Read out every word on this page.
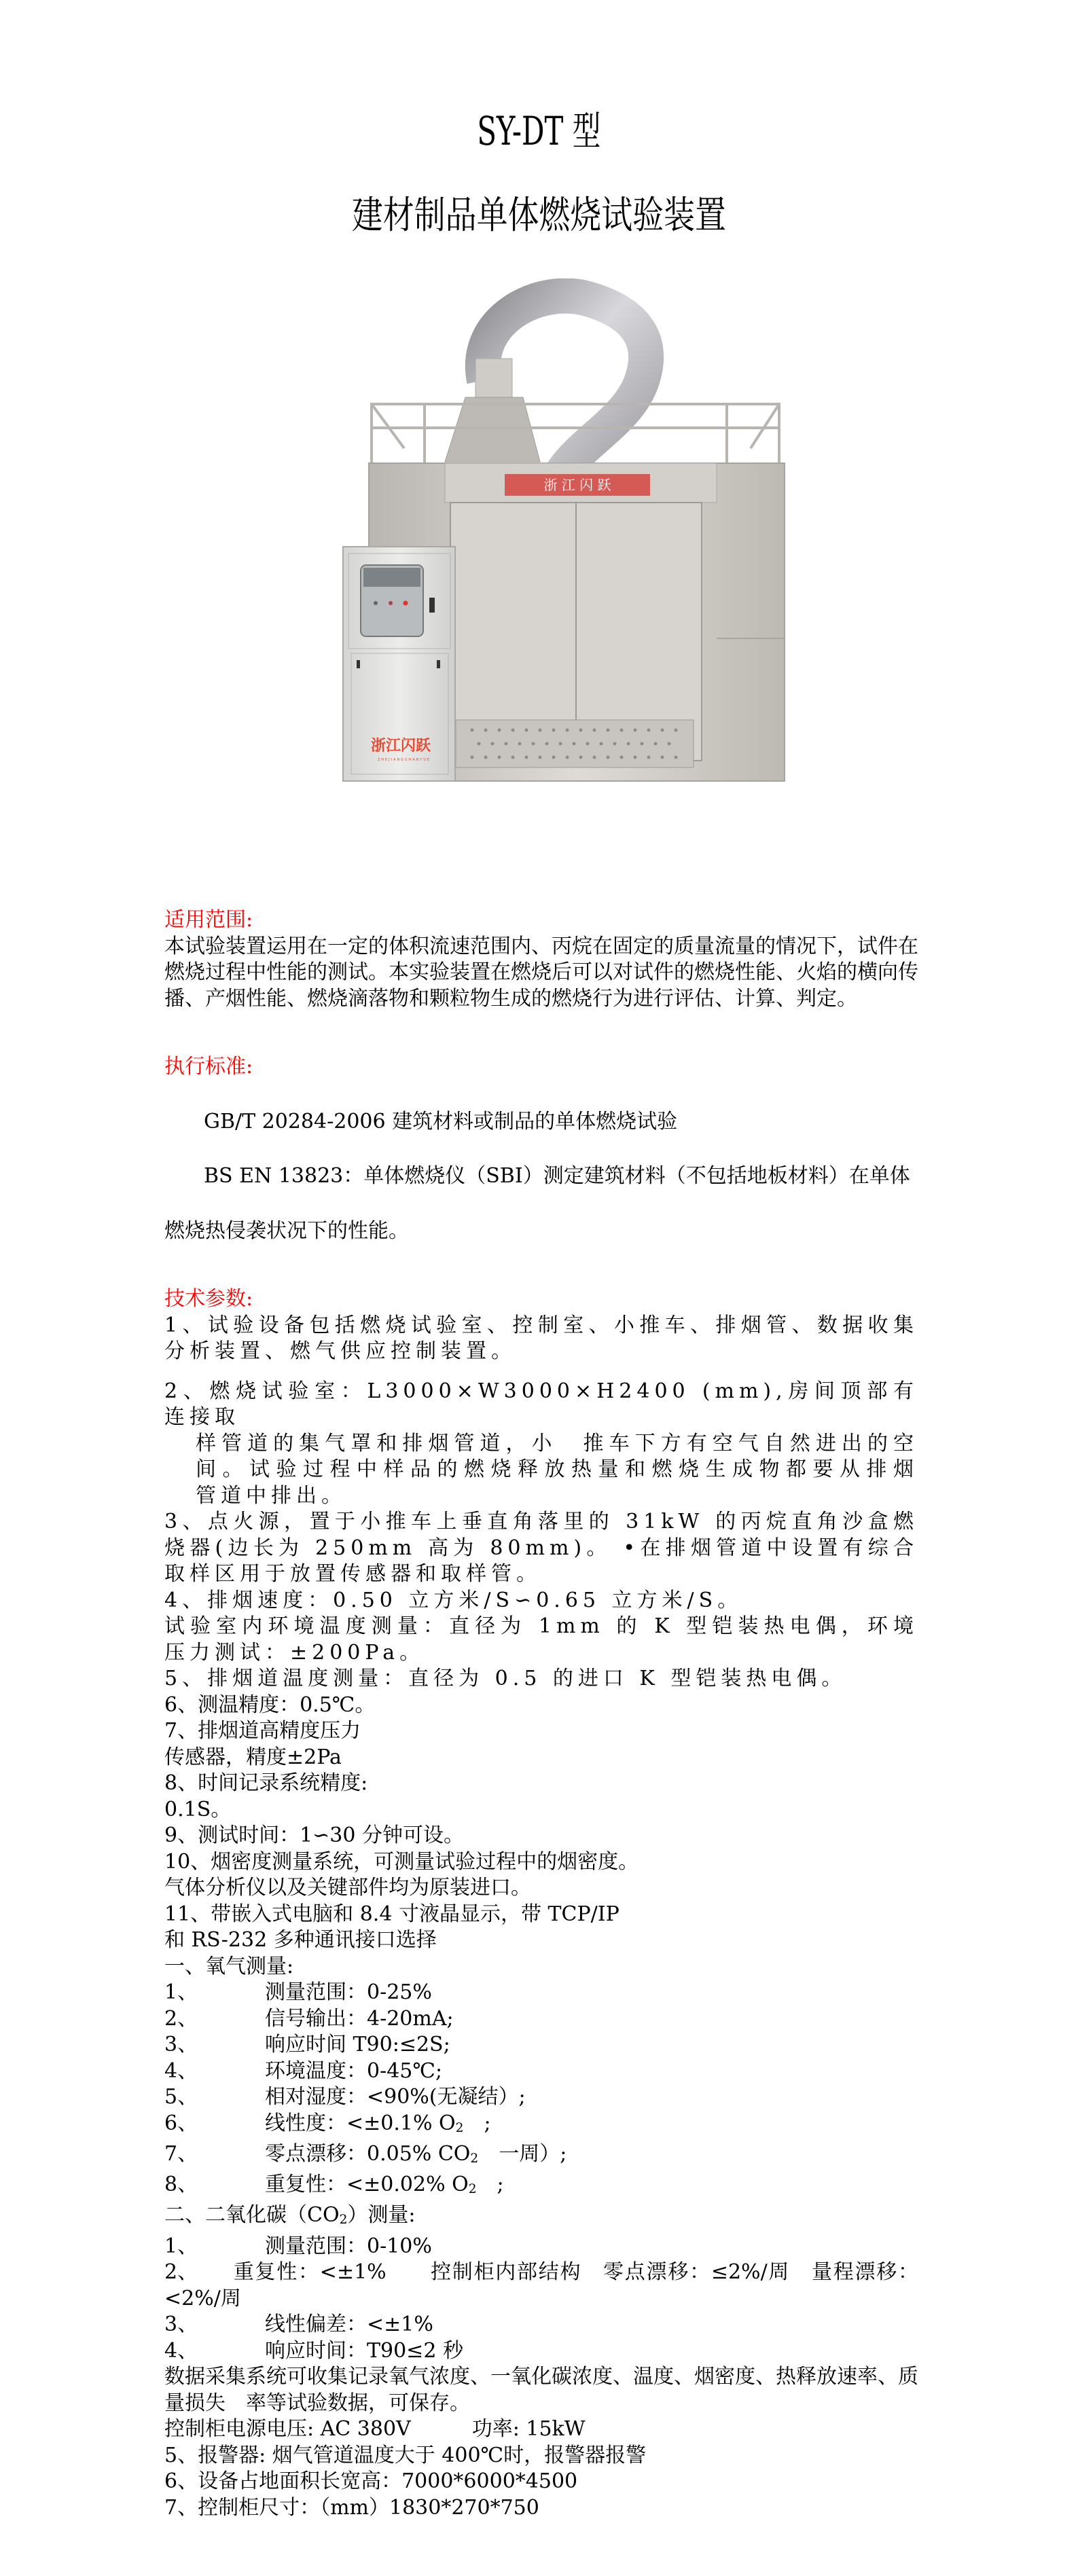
SY-DT 型
建材制品单体燃烧试验装置
浙 江 闪 跃
浙江闪跃
ZHEJIANGSHANYUE

适用范围:

本试验装置运用在一定的体积流速范围内、丙烷在固定的质量流量的情况下，试件在燃烧过程中性能的测试。本实验装置在燃烧后可以对试件的燃烧性能、火焰的横向传播、产烟性能、燃烧滴落物和颗粒物生成的燃烧行为进行评估、计算、判定。

执行标准:

GB/T 20284-2006 建筑材料或制品的单体燃烧试验

BS EN 13823：单体燃烧仪（SBI）测定建筑材料（不包括地板材料）在单体

燃烧热侵袭状况下的性能。

技术参数:

1、试验设备包括燃烧试验室、控制室、小推车、排烟管、数据收集分析装置、燃气供应控制装置。

2、燃烧试验室：L3000×W3000×H2400 (mm),房间顶部有连接取

样管道的集气罩和排烟管道，小　推车下方有空气自然进出的空间。试验过程中样品的燃烧释放热量和燃烧生成物都要从排烟　管道中排出。

3、点火源，置于小推车上垂直角落里的 31kW 的丙烷直角沙盒燃烧器(边长为 250mm 高为 80mm)。 •在排烟管道中设置有综合取样区用于放置传感器和取样管。

4、排烟速度：0.50 立方米/S∽0.65 立方米/S。

试验室内环境温度测量：直径为 1mm 的 K 型铠装热电偶，环境压力测试：±200Pa。

5、排烟道温度测量：直径为 0.5 的进口 K 型铠装热电偶。

6、测温精度：0.5℃。

7、排烟道高精度压力

传感器，精度±2Pa

8、时间记录系统精度:

0.1S。

9、测试时间：1∽30 分钟可设。

10、烟密度测量系统，可测量试验过程中的烟密度。

气体分析仪以及关键部件均为原装进口。

11、带嵌入式电脑和 8.4 寸液晶显示，带 TCP/IP

和 RS-232 多种通讯接口选择

一、氧气测量:

1、	测量范围：0-25%

2、	信号输出：4-20mA;

3、	响应时间 T90:≤2S;

4、	环境温度：0-45℃;

5、	相对湿度：<90%(无凝结）;

6、	线性度：<±0.1% O2　;

7、	零点漂移：0.05% CO2　一周）;

8、	重复性：<±0.02% O2　;

二、二氧化碳（CO2）测量:

1、	测量范围：0-10%

2、 重复性：<±1%　　控制柜内部结构　零点漂移：≤2%/周　量程漂移：<2%/周

3、	线性偏差：<±1%

4、	响应时间：T90≤2 秒

数据采集系统可收集记录氧气浓度、一氧化碳浓度、温度、烟密度、热释放速率、质量损失　率等试验数据，可保存。

控制柜电源电压: AC 380V　　　功率: 15kW

5、报警器: 烟气管道温度大于 400℃时，报警器报警

6、设备占地面积长宽高：7000*6000*4500

7、控制柜尺寸：（mm）1830*270*750
